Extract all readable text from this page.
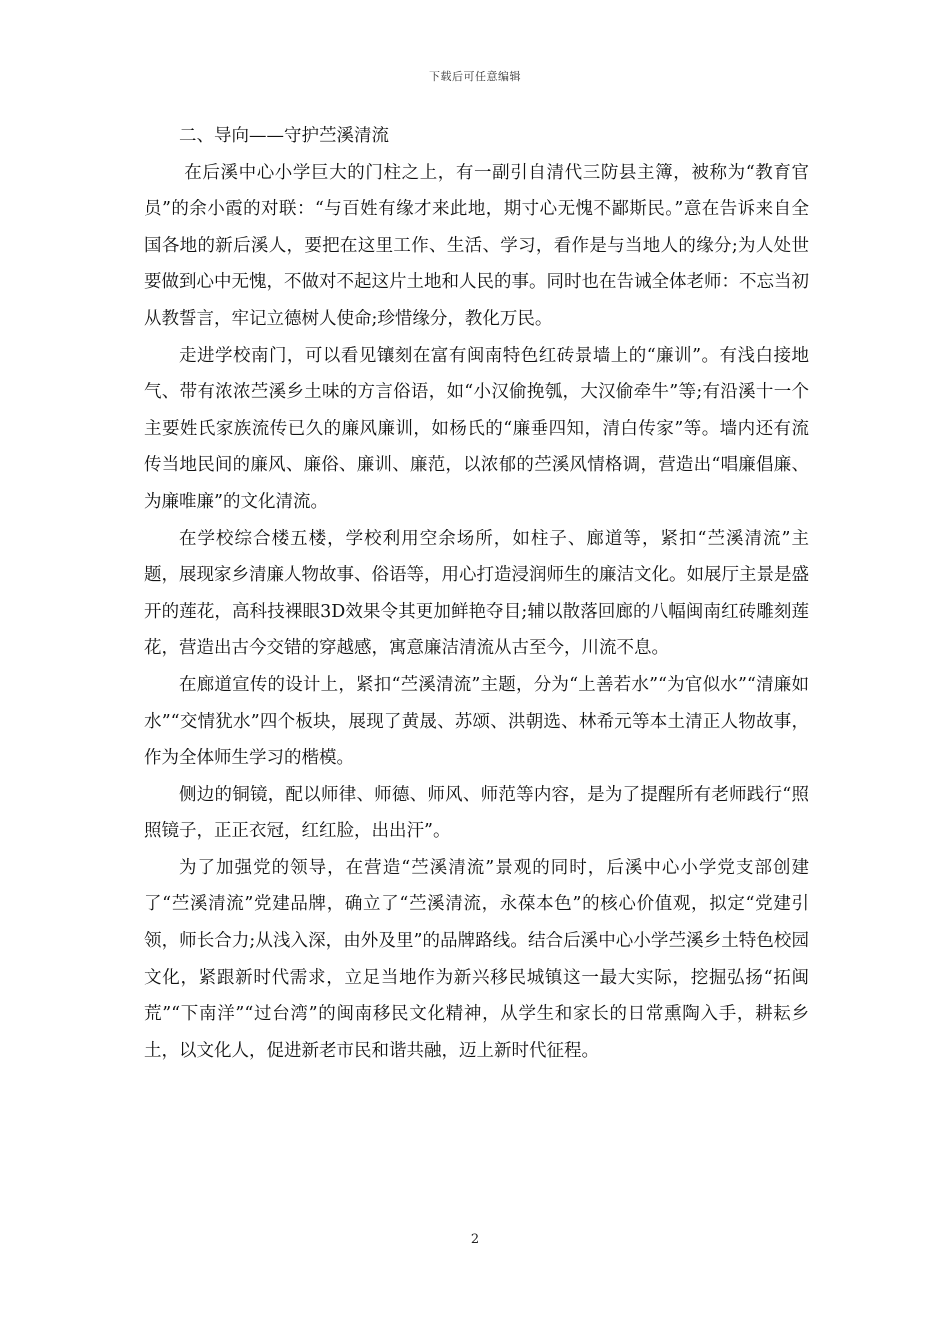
下载后可任意编辑

二、导向——守护苎溪清流

在后溪中心小学巨大的门柱之上，有一副引自清代三防县主簿，被称为“教育官员”的余小霞的对联：“与百姓有缘才来此地，期寸心无愧不鄙斯民。”意在告诉来自全国各地的新后溪人，要把在这里工作、生活、学习，看作是与当地人的缘分;为人处世要做到心中无愧，不做对不起这片土地和人民的事。同时也在告诫全体老师：不忘当初从教誓言，牢记立德树人使命;珍惜缘分，教化万民。

走进学校南门，可以看见镶刻在富有闽南特色红砖景墙上的“廉训”。有浅白接地气、带有浓浓苎溪乡土味的方言俗语，如“小汉偷挽瓠，大汉偷牵牛”等;有沿溪十一个主要姓氏家族流传已久的廉风廉训，如杨氏的“廉垂四知，清白传家”等。墙内还有流传当地民间的廉风、廉俗、廉训、廉范，以浓郁的苎溪风情格调，营造出“唱廉倡廉、为廉唯廉”的文化清流。

在学校综合楼五楼，学校利用空余场所，如柱子、廊道等，紧扣“苎溪清流”主题，展现家乡清廉人物故事、俗语等，用心打造浸润师生的廉洁文化。如展厅主景是盛开的莲花，高科技裸眼3D效果令其更加鲜艳夺目;辅以散落回廊的八幅闽南红砖雕刻莲花，营造出古今交错的穿越感，寓意廉洁清流从古至今，川流不息。

在廊道宣传的设计上，紧扣“苎溪清流”主题，分为“上善若水”“为官似水”“清廉如水”“交情犹水”四个板块，展现了黄晟、苏颂、洪朝选、林希元等本土清正人物故事，作为全体师生学习的楷模。

侧边的铜镜，配以师律、师德、师风、师范等内容，是为了提醒所有老师践行“照照镜子，正正衣冠，红红脸，出出汗”。

为了加强党的领导，在营造“苎溪清流”景观的同时，后溪中心小学党支部创建了“苎溪清流”党建品牌，确立了“苎溪清流，永葆本色”的核心价值观，拟定“党建引领，师长合力;从浅入深，由外及里”的品牌路线。结合后溪中心小学苎溪乡土特色校园文化，紧跟新时代需求，立足当地作为新兴移民城镇这一最大实际，挖掘弘扬“拓闽荒”“下南洋”“过台湾”的闽南移民文化精神，从学生和家长的日常熏陶入手，耕耘乡土，以文化人，促进新老市民和谐共融，迈上新时代征程。

2
